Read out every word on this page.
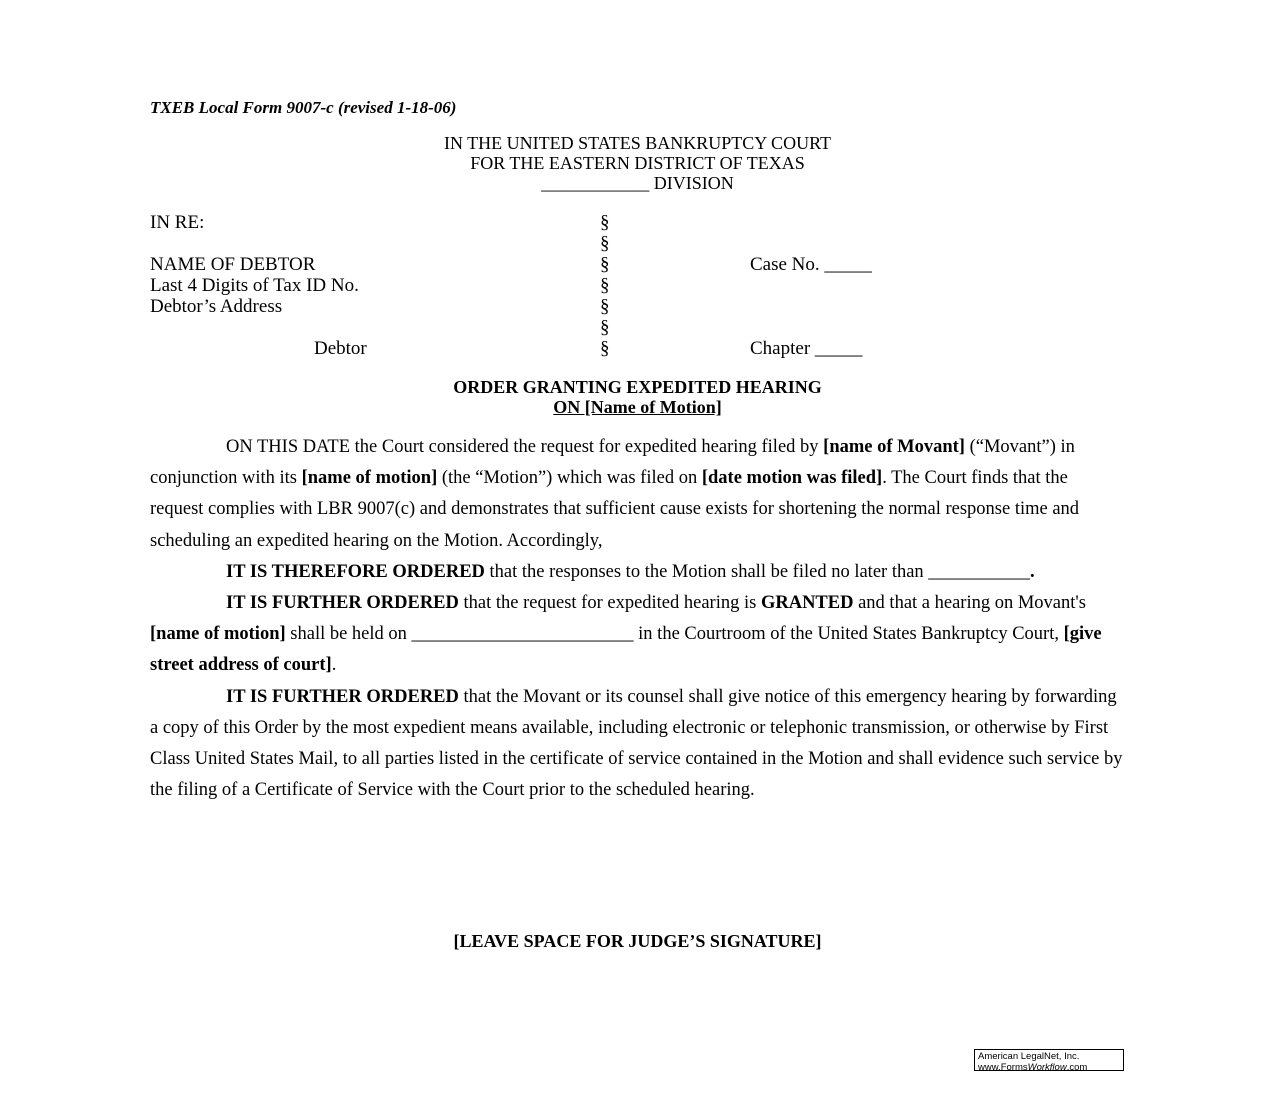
TXEB Local Form 9007-c (revised 1-18-06)
IN THE UNITED STATES BANKRUPTCY COURT
FOR THE EASTERN DISTRICT OF TEXAS
____________ DIVISION
IN RE:	§
§
NAME OF DEBTOR	§	Case No. _____
Last 4 Digits of Tax ID No.	§
Debtor’s Address	§
§
Debtor	§	Chapter _____
ORDER GRANTING EXPEDITED HEARING
ON [Name of Motion]

ON THIS DATE the Court considered the request for expedited hearing filed by [name of Movant] (“Movant”) in conjunction with its [name of motion] (the “Motion”) which was filed on [date motion was filed]. The Court finds that the request complies with LBR 9007(c) and demonstrates that sufficient cause exists for shortening the normal response time and scheduling an expedited hearing on the Motion. Accordingly,

IT IS THEREFORE ORDERED that the responses to the Motion shall be filed no later than ___________.

IT IS FURTHER ORDERED that the request for expedited hearing is GRANTED and that a hearing on Movant's [name of motion] shall be held on ________________________ in the Courtroom of the United States Bankruptcy Court, [give street address of court].

IT IS FURTHER ORDERED that the Movant or its counsel shall give notice of this emergency hearing by forwarding a copy of this Order by the most expedient means available, including electronic or telephonic transmission, or otherwise by First Class United States Mail, to all parties listed in the certificate of service contained in the Motion and shall evidence such service by the filing of a Certificate of Service with the Court prior to the scheduled hearing.

[LEAVE SPACE FOR JUDGE’S SIGNATURE]
American LegalNet, Inc.
www.FormsWorkflow.com
